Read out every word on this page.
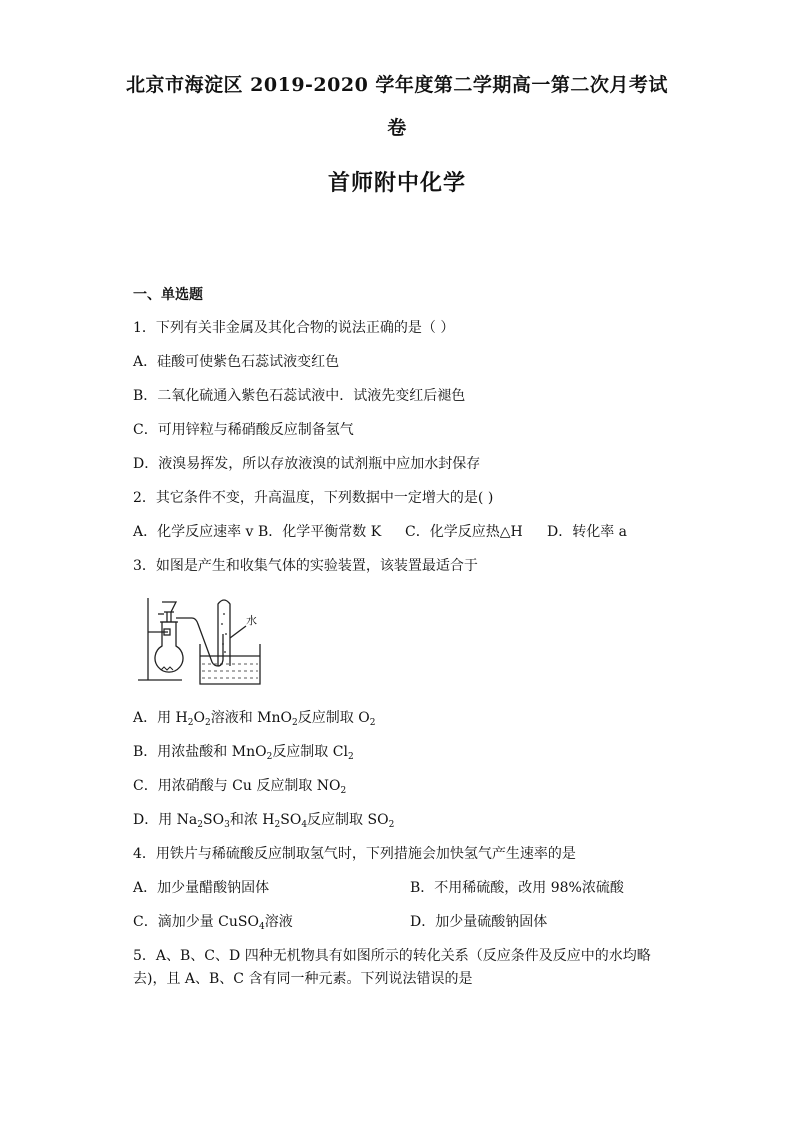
北京市海淀区 2019-2020 学年度第二学期高一第二次月考试
卷
首师附中化学
一、单选题
1．下列有关非金属及其化合物的说法正确的是（ ）
A．硅酸可使紫色石蕊试液变红色
B．二氧化硫通入紫色石蕊试液中．试液先变红后褪色
C．可用锌粒与稀硝酸反应制备氢气
D．液溴易挥发，所以存放液溴的试剂瓶中应加水封保存
2．其它条件不变，升高温度，下列数据中一定增大的是( )
A．化学反应速率 v B．化学平衡常数 K C．化学反应热△H D．转化率 a
3．如图是产生和收集气体的实验装置，该装置最适合于
水
A．用 $H_2O_2$溶液和 MnO$_2$反应制取 $O_2$
B．用浓盐酸和 MnO$_2$反应制取 $Cl_2$
C．用浓硝酸与 Cu 反应制取 $NO_2$
D．用 $Na_2SO_3$和浓 $H_2SO_4$反应制取 $SO_2$
4．用铁片与稀硫酸反应制取氢气时，下列措施会加快氢气产生速率的是
A．加少量醋酸钠固体	B．不用稀硫酸，改用 98%浓硫酸
C．滴加少量 CuSO$_4$溶液	D．加少量硫酸钠固体
5．A、B、C、D 四种无机物具有如图所示的转化关系（反应条件及反应中的水均略
去)，且 A、B、C 含有同一种元素。下列说法错误的是
